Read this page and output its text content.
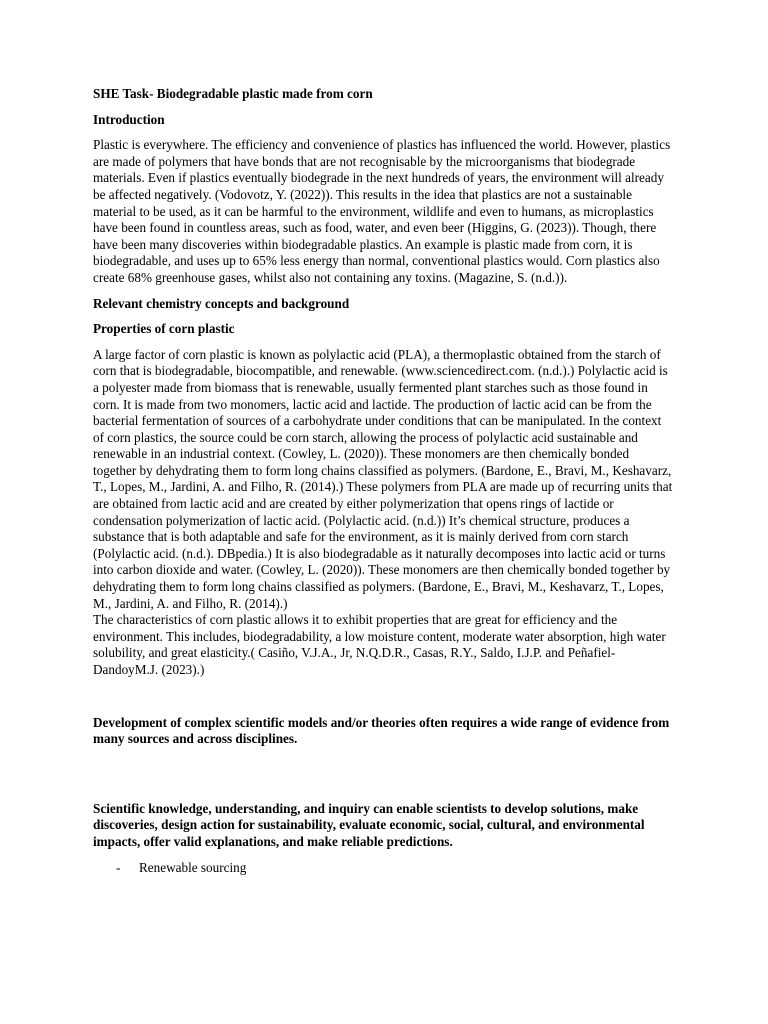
SHE Task- Biodegradable plastic made from corn

Introduction

Plastic is everywhere. The efficiency and convenience of plastics has influenced the world. However, plastics are made of polymers that have bonds that are not recognisable by the microorganisms that biodegrade materials. Even if plastics eventually biodegrade in the next hundreds of years, the environment will already be affected negatively. (Vodovotz, Y. (2022)). This results in the idea that plastics are not a sustainable material to be used, as it can be harmful to the environment, wildlife and even to humans, as microplastics have been found in countless areas, such as food, water, and even beer (Higgins, G. (2023)). Though, there have been many discoveries within biodegradable plastics. An example is plastic made from corn, it is biodegradable, and uses up to 65% less energy than normal, conventional plastics would. Corn plastics also create 68% greenhouse gases, whilst also not containing any toxins. (Magazine, S. (n.d.)).

Relevant chemistry concepts and background

Properties of corn plastic

A large factor of corn plastic is known as polylactic acid (PLA), a thermoplastic obtained from the starch of corn that is biodegradable, biocompatible, and renewable. (www.sciencedirect.com. (n.d.).) Polylactic acid is a polyester made from biomass that is renewable, usually fermented plant starches such as those found in corn. It is made from two monomers, lactic acid and lactide. The production of lactic acid can be from the bacterial fermentation of sources of a carbohydrate under conditions that can be manipulated. In the context of corn plastics, the source could be corn starch, allowing the process of polylactic acid sustainable and renewable in an industrial context. (Cowley, L. (2020)). These monomers are then chemically bonded together by dehydrating them to form long chains classified as polymers. (Bardone, E., Bravi, M., Keshavarz, T., Lopes, M., Jardini, A. and Filho, R. (2014).) These polymers from PLA are made up of recurring units that are obtained from lactic acid and are created by either polymerization that opens rings of lactide or condensation polymerization of lactic acid. (Polylactic acid. (n.d.)) It’s chemical structure, produces a substance that is both adaptable and safe for the environment, as it is mainly derived from corn starch (Polylactic acid. (n.d.). DBpedia.) It is also biodegradable as it naturally decomposes into lactic acid or turns into carbon dioxide and water. (Cowley, L. (2020)). These monomers are then chemically bonded together by dehydrating them to form long chains classified as polymers. (Bardone, E., Bravi, M., Keshavarz, T., Lopes, M., Jardini, A. and Filho, R. (2014).)

The characteristics of corn plastic allows it to exhibit properties that are great for efficiency and the environment. This includes, biodegradability, a low moisture content, moderate water absorption, high water solubility, and great elasticity.( Casiño, V.J.A., Jr, N.Q.D.R., Casas, R.Y., Saldo, I.J.P. and Peñafiel-DandoyM.J. (2023).)

Development of complex scientific models and/or theories often requires a wide range of evidence from many sources and across disciplines.

Scientific knowledge, understanding, and inquiry can enable scientists to develop solutions, make discoveries, design action for sustainability, evaluate economic, social, cultural, and environmental impacts, offer valid explanations, and make reliable predictions.

- Renewable sourcing
